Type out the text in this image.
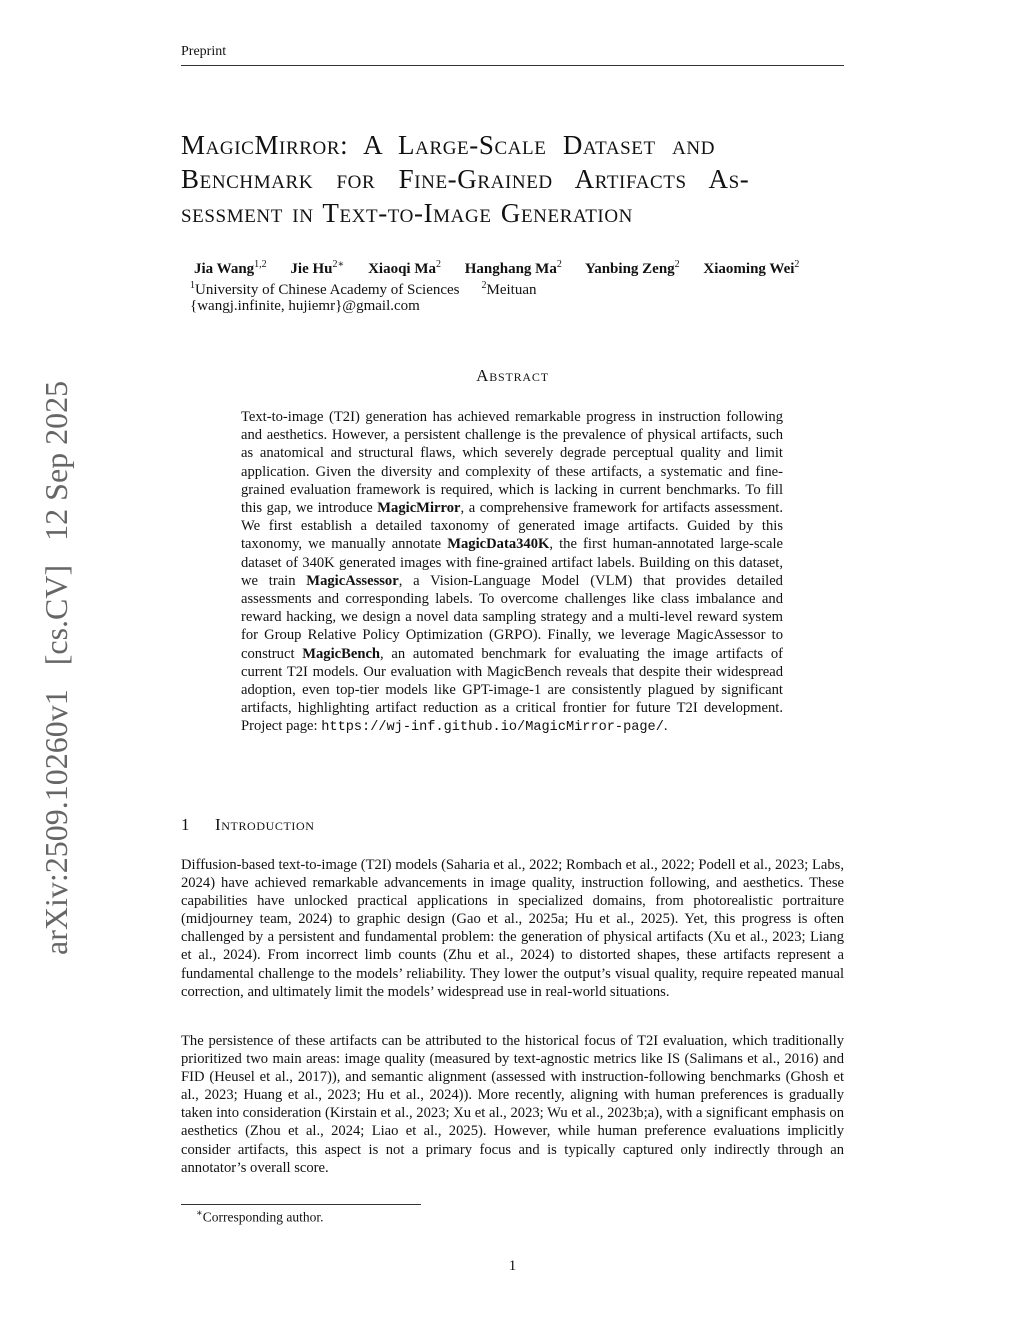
Preprint
arXiv:2509.10260v1   [cs.CV]   12 Sep 2025
MagicMirror: A Large-Scale Dataset and
Benchmark for Fine-Grained Artifacts As-
sessment in Text-to-Image Generation
Jia Wang$^{1,2}$ Jie $Hu^{2∗}$ Xiaoqi Ma$^2$ Hanghang Ma$^2$ Yanbing Zeng$^2$ Xiaoming Wei$^2$
$^1$University of Chinese Academy of Sciences $^2$Meituan
{wangj.infinite, hujiemr}@gmail.com
Abstract
Text-to-image (T2I) generation has achieved remarkable progress in instruction following and aesthetics. However, a persistent challenge is the prevalence of physical artifacts, such as anatomical and structural flaws, which severely degrade perceptual quality and limit application. Given the diversity and complexity of these artifacts, a systematic and fine-grained evaluation framework is required, which is lacking in current benchmarks. To fill this gap, we introduce MagicMirror, a comprehensive framework for artifacts assessment. We first establish a detailed taxonomy of generated image artifacts. Guided by this taxonomy, we manually annotate MagicData340K, the first human-annotated large-scale dataset of 340K generated images with fine-grained artifact labels. Building on this dataset, we train MagicAssessor, a Vision-Language Model (VLM) that provides detailed assessments and corresponding labels. To overcome challenges like class imbalance and reward hacking, we design a novel data sampling strategy and a multi-level reward system for Group Relative Policy Optimization (GRPO). Finally, we leverage MagicAssessor to construct MagicBench, an automated benchmark for evaluating the image artifacts of current T2I models. Our evaluation with MagicBench reveals that despite their widespread adoption, even top-tier models like GPT-image-1 are consistently plagued by significant artifacts, highlighting artifact reduction as a critical frontier for future T2I development. Project page: https://wj-inf.github.io/MagicMirror-page/.
1 Introduction
Diffusion-based text-to-image (T2I) models (Saharia et al., 2022; Rombach et al., 2022; Podell et al., 2023; Labs, 2024) have achieved remarkable advancements in image quality, instruction following, and aesthetics. These capabilities have unlocked practical applications in specialized domains, from photorealistic portraiture (midjourney team, 2024) to graphic design (Gao et al., 2025a; Hu et al., 2025). Yet, this progress is often challenged by a persistent and fundamental problem: the generation of physical artifacts (Xu et al., 2023; Liang et al., 2024). From incorrect limb counts (Zhu et al., 2024) to distorted shapes, these artifacts represent a fundamental challenge to the models’ reliability. They lower the output’s visual quality, require repeated manual correction, and ultimately limit the models’ widespread use in real-world situations.
The persistence of these artifacts can be attributed to the historical focus of T2I evaluation, which traditionally prioritized two main areas: image quality (measured by text-agnostic metrics like IS (Salimans et al., 2016) and FID (Heusel et al., 2017)), and semantic alignment (assessed with instruction-following benchmarks (Ghosh et al., 2023; Huang et al., 2023; Hu et al., 2024)). More recently, aligning with human preferences is gradually taken into consideration (Kirstain et al., 2023; Xu et al., 2023; Wu et al., 2023b;a), with a significant emphasis on aesthetics (Zhou et al., 2024; Liao et al., 2025). However, while human preference evaluations implicitly consider artifacts, this aspect is not a primary focus and is typically captured only indirectly through an annotator’s overall score.
∗Corresponding author.
1
